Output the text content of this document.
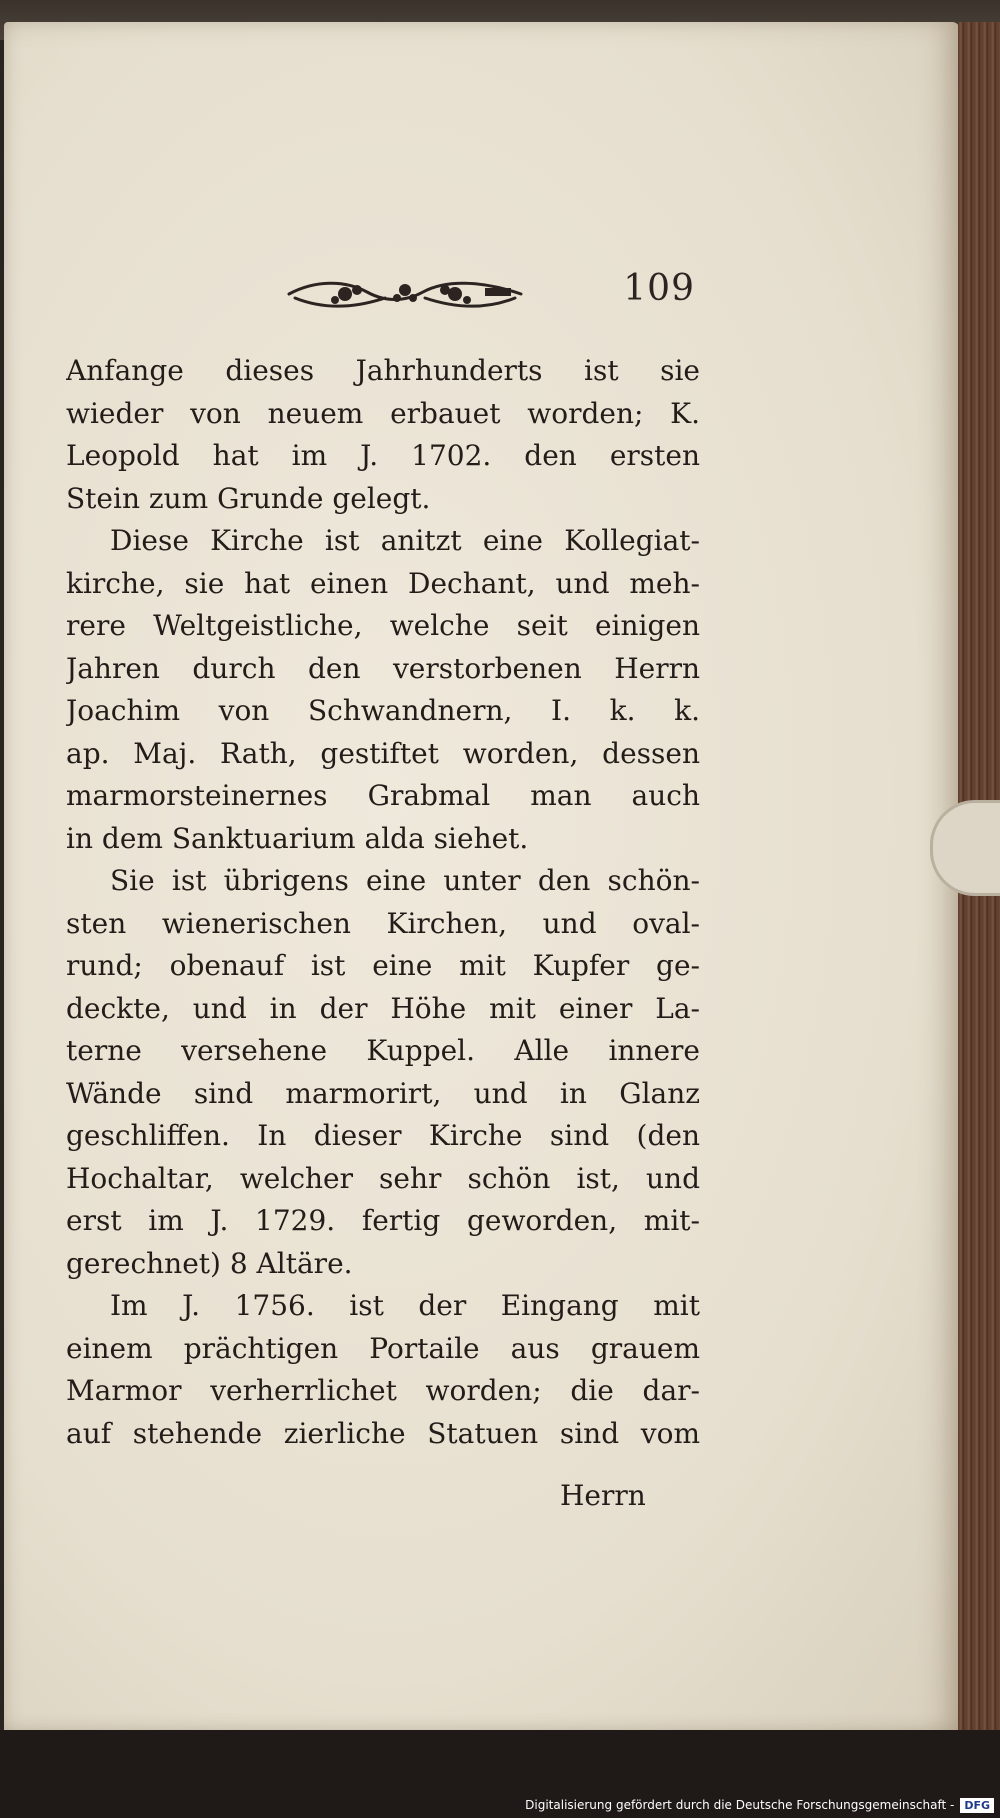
109
Anfange dieses Jahrhunderts ist sie
wieder von neuem erbauet worden; K.
Leopold hat im J. 1702. den ersten
Stein zum Grunde gelegt.
Diese Kirche ist anitzt eine Kollegiat-
kirche, sie hat einen Dechant, und meh-
rere Weltgeistliche, welche seit einigen
Jahren durch den verstorbenen Herrn
Joachim von Schwandnern, I. k. k.
ap. Maj. Rath, gestiftet worden, dessen
marmorsteinernes Grabmal man auch
in dem Sanktuarium alda siehet.
Sie ist übrigens eine unter den schön-
sten wienerischen Kirchen, und oval-
rund; obenauf ist eine mit Kupfer ge-
deckte, und in der Höhe mit einer La-
terne versehene Kuppel. Alle innere
Wände sind marmorirt, und in Glanz
geschliffen. In dieser Kirche sind (den
Hochaltar, welcher sehr schön ist, und
erst im J. 1729. fertig geworden, mit-
gerechnet) 8 Altäre.
Im J. 1756. ist der Eingang mit
einem prächtigen Portaile aus grauem
Marmor verherrlichet worden; die dar-
auf stehende zierliche Statuen sind vom
Herrn
Digitalisierung gefördert durch die Deutsche Forschungsgemeinschaft - DFG
